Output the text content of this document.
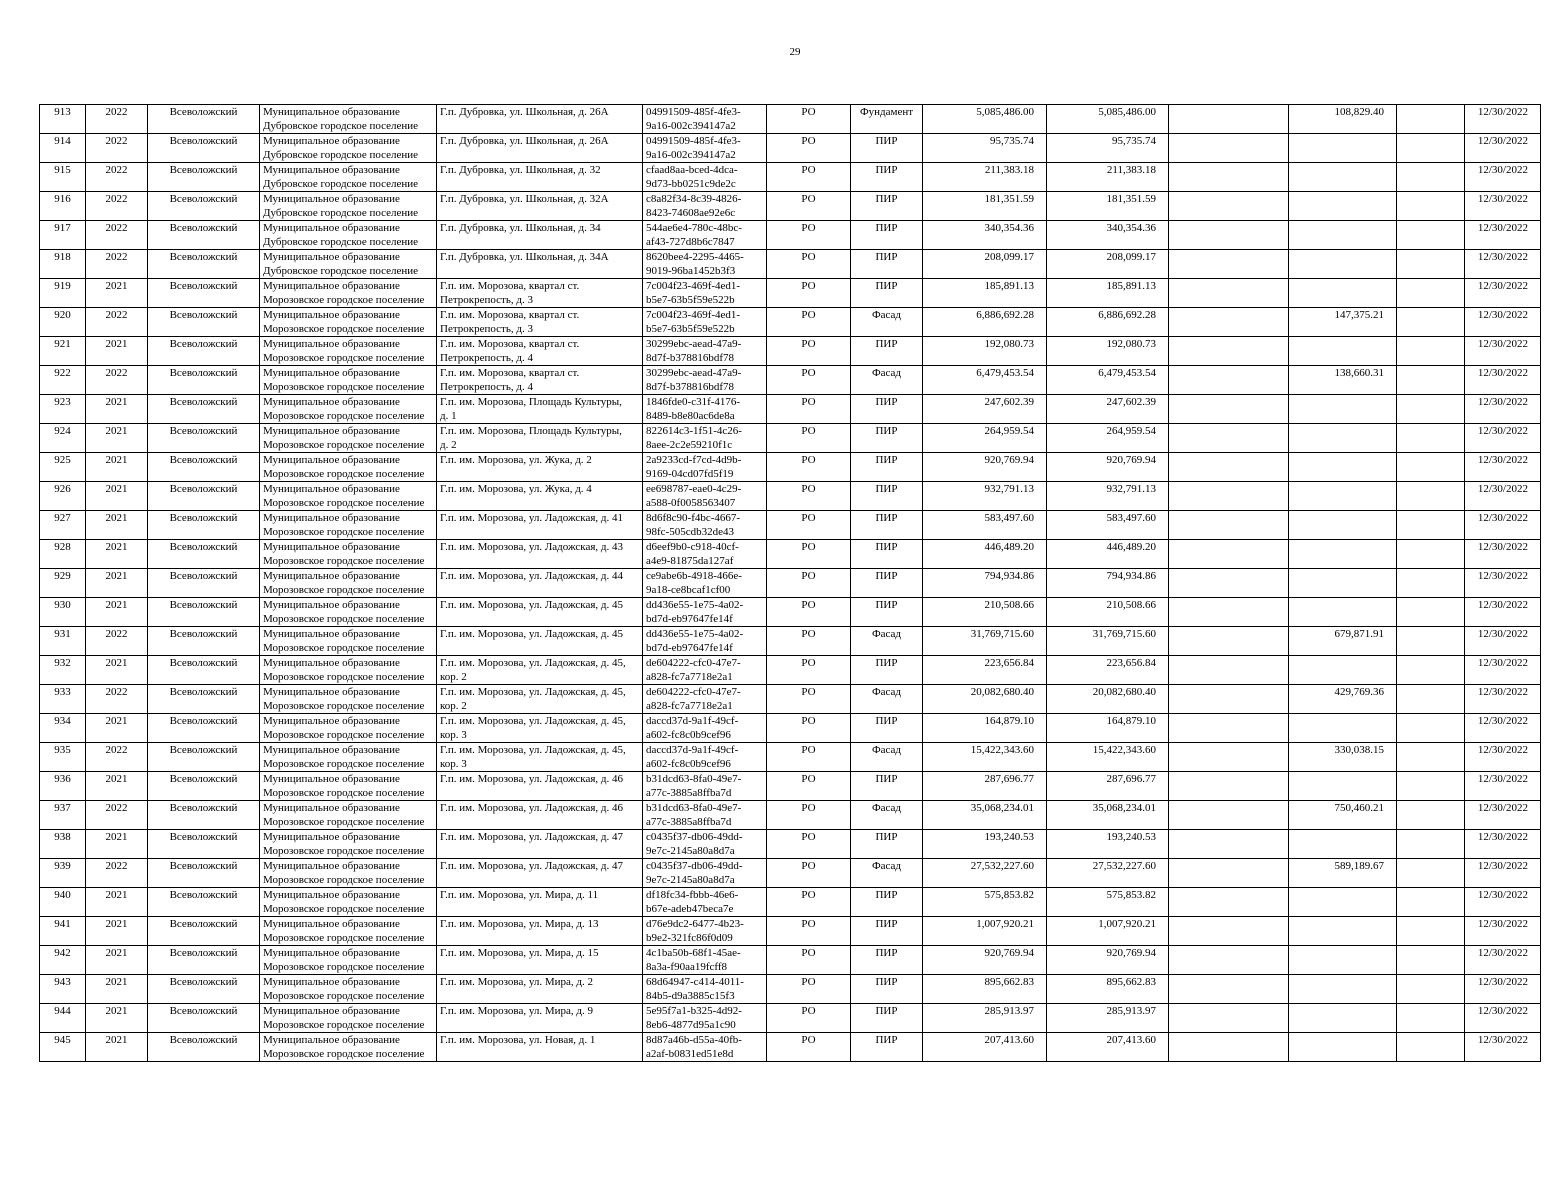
29
913	2022	Всеволожский	Муниципальное образование
Дубровское городское поселение	Г.п. Дубровка, ул. Школьная, д. 26А	04991509-485f-4fe3-
9a16-002c394147a2	РО	Фундамент	5,085,486.00	5,085,486.00		108,829.40		12/30/2022
914	2022	Всеволожский	Муниципальное образование
Дубровское городское поселение	Г.п. Дубровка, ул. Школьная, д. 26А	04991509-485f-4fe3-
9a16-002c394147a2	РО	ПИР	95,735.74	95,735.74				12/30/2022
915	2022	Всеволожский	Муниципальное образование
Дубровское городское поселение	Г.п. Дубровка, ул. Школьная, д. 32	cfaad8aa-bced-4dca-
9d73-bb0251c9de2c	РО	ПИР	211,383.18	211,383.18				12/30/2022
916	2022	Всеволожский	Муниципальное образование
Дубровское городское поселение	Г.п. Дубровка, ул. Школьная, д. 32А	c8a82f34-8c39-4826-
8423-74608ae92e6c	РО	ПИР	181,351.59	181,351.59				12/30/2022
917	2022	Всеволожский	Муниципальное образование
Дубровское городское поселение	Г.п. Дубровка, ул. Школьная, д. 34	544ae6e4-780c-48bc-
af43-727d8b6c7847	РО	ПИР	340,354.36	340,354.36				12/30/2022
918	2022	Всеволожский	Муниципальное образование
Дубровское городское поселение	Г.п. Дубровка, ул. Школьная, д. 34А	8620bee4-2295-4465-
9019-96ba1452b3f3	РО	ПИР	208,099.17	208,099.17				12/30/2022
919	2021	Всеволожский	Муниципальное образование
Морозовское городское поселение	Г.п. им. Морозова, квартал ст.
Петрокрепость, д. 3	7c004f23-469f-4ed1-
b5e7-63b5f59e522b	РО	ПИР	185,891.13	185,891.13				12/30/2022
920	2022	Всеволожский	Муниципальное образование
Морозовское городское поселение	Г.п. им. Морозова, квартал ст.
Петрокрепость, д. 3	7c004f23-469f-4ed1-
b5e7-63b5f59e522b	РО	Фасад	6,886,692.28	6,886,692.28		147,375.21		12/30/2022
921	2021	Всеволожский	Муниципальное образование
Морозовское городское поселение	Г.п. им. Морозова, квартал ст.
Петрокрепость, д. 4	30299ebc-aead-47a9-
8d7f-b378816bdf78	РО	ПИР	192,080.73	192,080.73				12/30/2022
922	2022	Всеволожский	Муниципальное образование
Морозовское городское поселение	Г.п. им. Морозова, квартал ст.
Петрокрепость, д. 4	30299ebc-aead-47a9-
8d7f-b378816bdf78	РО	Фасад	6,479,453.54	6,479,453.54		138,660.31		12/30/2022
923	2021	Всеволожский	Муниципальное образование
Морозовское городское поселение	Г.п. им. Морозова, Площадь Культуры,
д. 1	1846fde0-c31f-4176-
8489-b8e80ac6de8a	РО	ПИР	247,602.39	247,602.39				12/30/2022
924	2021	Всеволожский	Муниципальное образование
Морозовское городское поселение	Г.п. им. Морозова, Площадь Культуры,
д. 2	822614c3-1f51-4c26-
8aee-2c2e59210f1c	РО	ПИР	264,959.54	264,959.54				12/30/2022
925	2021	Всеволожский	Муниципальное образование
Морозовское городское поселение	Г.п. им. Морозова, ул. Жука, д. 2	2a9233cd-f7cd-4d9b-
9169-04cd07fd5f19	РО	ПИР	920,769.94	920,769.94				12/30/2022
926	2021	Всеволожский	Муниципальное образование
Морозовское городское поселение	Г.п. им. Морозова, ул. Жука, д. 4	ee698787-eae0-4c29-
a588-0f0058563407	РО	ПИР	932,791.13	932,791.13				12/30/2022
927	2021	Всеволожский	Муниципальное образование
Морозовское городское поселение	Г.п. им. Морозова, ул. Ладожская, д. 41	8d6f8c90-f4bc-4667-
98fc-505cdb32de43	РО	ПИР	583,497.60	583,497.60				12/30/2022
928	2021	Всеволожский	Муниципальное образование
Морозовское городское поселение	Г.п. им. Морозова, ул. Ладожская, д. 43	d6eef9b0-c918-40cf-
a4e9-81875da127af	РО	ПИР	446,489.20	446,489.20				12/30/2022
929	2021	Всеволожский	Муниципальное образование
Морозовское городское поселение	Г.п. им. Морозова, ул. Ладожская, д. 44	ce9abe6b-4918-466e-
9a18-ce8bcaf1cf00	РО	ПИР	794,934.86	794,934.86				12/30/2022
930	2021	Всеволожский	Муниципальное образование
Морозовское городское поселение	Г.п. им. Морозова, ул. Ладожская, д. 45	dd436e55-1e75-4a02-
bd7d-eb97647fe14f	РО	ПИР	210,508.66	210,508.66				12/30/2022
931	2022	Всеволожский	Муниципальное образование
Морозовское городское поселение	Г.п. им. Морозова, ул. Ладожская, д. 45	dd436e55-1e75-4a02-
bd7d-eb97647fe14f	РО	Фасад	31,769,715.60	31,769,715.60		679,871.91		12/30/2022
932	2021	Всеволожский	Муниципальное образование
Морозовское городское поселение	Г.п. им. Морозова, ул. Ладожская, д. 45,
кор. 2	de604222-cfc0-47e7-
a828-fc7a7718e2a1	РО	ПИР	223,656.84	223,656.84				12/30/2022
933	2022	Всеволожский	Муниципальное образование
Морозовское городское поселение	Г.п. им. Морозова, ул. Ладожская, д. 45,
кор. 2	de604222-cfc0-47e7-
a828-fc7a7718e2a1	РО	Фасад	20,082,680.40	20,082,680.40		429,769.36		12/30/2022
934	2021	Всеволожский	Муниципальное образование
Морозовское городское поселение	Г.п. им. Морозова, ул. Ладожская, д. 45,
кор. 3	daccd37d-9a1f-49cf-
a602-fc8c0b9cef96	РО	ПИР	164,879.10	164,879.10				12/30/2022
935	2022	Всеволожский	Муниципальное образование
Морозовское городское поселение	Г.п. им. Морозова, ул. Ладожская, д. 45,
кор. 3	daccd37d-9a1f-49cf-
a602-fc8c0b9cef96	РО	Фасад	15,422,343.60	15,422,343.60		330,038.15		12/30/2022
936	2021	Всеволожский	Муниципальное образование
Морозовское городское поселение	Г.п. им. Морозова, ул. Ладожская, д. 46	b31dcd63-8fa0-49e7-
a77c-3885a8ffba7d	РО	ПИР	287,696.77	287,696.77				12/30/2022
937	2022	Всеволожский	Муниципальное образование
Морозовское городское поселение	Г.п. им. Морозова, ул. Ладожская, д. 46	b31dcd63-8fa0-49e7-
a77c-3885a8ffba7d	РО	Фасад	35,068,234.01	35,068,234.01		750,460.21		12/30/2022
938	2021	Всеволожский	Муниципальное образование
Морозовское городское поселение	Г.п. им. Морозова, ул. Ладожская, д. 47	c0435f37-db06-49dd-
9e7c-2145a80a8d7a	РО	ПИР	193,240.53	193,240.53				12/30/2022
939	2022	Всеволожский	Муниципальное образование
Морозовское городское поселение	Г.п. им. Морозова, ул. Ладожская, д. 47	c0435f37-db06-49dd-
9e7c-2145a80a8d7a	РО	Фасад	27,532,227.60	27,532,227.60		589,189.67		12/30/2022
940	2021	Всеволожский	Муниципальное образование
Морозовское городское поселение	Г.п. им. Морозова, ул. Мира, д. 11	df18fc34-fbbb-46e6-
b67e-adeb47beca7e	РО	ПИР	575,853.82	575,853.82				12/30/2022
941	2021	Всеволожский	Муниципальное образование
Морозовское городское поселение	Г.п. им. Морозова, ул. Мира, д. 13	d76e9dc2-6477-4b23-
b9e2-321fc86f0d09	РО	ПИР	1,007,920.21	1,007,920.21				12/30/2022
942	2021	Всеволожский	Муниципальное образование
Морозовское городское поселение	Г.п. им. Морозова, ул. Мира, д. 15	4c1ba50b-68f1-45ae-
8a3a-f90aa19fcff8	РО	ПИР	920,769.94	920,769.94				12/30/2022
943	2021	Всеволожский	Муниципальное образование
Морозовское городское поселение	Г.п. им. Морозова, ул. Мира, д. 2	68d64947-c414-4011-
84b5-d9a3885c15f3	РО	ПИР	895,662.83	895,662.83				12/30/2022
944	2021	Всеволожский	Муниципальное образование
Морозовское городское поселение	Г.п. им. Морозова, ул. Мира, д. 9	5e95f7a1-b325-4d92-
8eb6-4877d95a1c90	РО	ПИР	285,913.97	285,913.97				12/30/2022
945	2021	Всеволожский	Муниципальное образование
Морозовское городское поселение	Г.п. им. Морозова, ул. Новая, д. 1	8d87a46b-d55a-40fb-
a2af-b0831ed51e8d	РО	ПИР	207,413.60	207,413.60				12/30/2022
